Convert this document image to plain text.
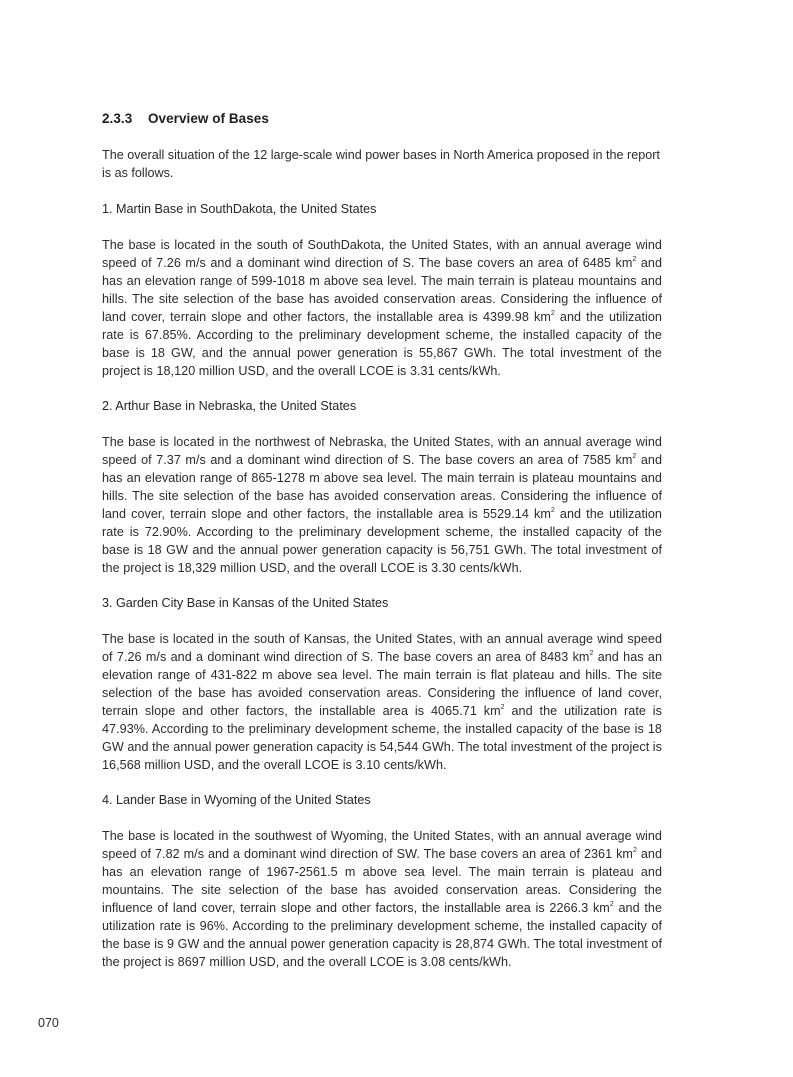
2.3.3 Overview of Bases

The overall situation of the 12 large-scale wind power bases in North America proposed in the report is as follows.

1. Martin Base in SouthDakota, the United States

The base is located in the south of SouthDakota, the United States, with an annual average wind speed of 7.26 m/s and a dominant wind direction of S. The base covers an area of 6485 $km^2$ and has an elevation range of 599-1018 m above sea level. The main terrain is plateau mountains and hills. The site selection of the base has avoided conservation areas. Considering the influence of land cover, terrain slope and other factors, the installable area is 4399.98 $km^2$ and the utilization rate is 67.85%. According to the preliminary development scheme, the installed capacity of the base is 18 GW, and the annual power generation is 55,867 GWh. The total investment of the project is 18,120 million USD, and the overall LCOE is 3.31 cents/kWh.

2. Arthur Base in Nebraska, the United States

The base is located in the northwest of Nebraska, the United States, with an annual average wind speed of 7.37 m/s and a dominant wind direction of S. The base covers an area of 7585 $km^2$ and has an elevation range of 865-1278 m above sea level. The main terrain is plateau mountains and hills. The site selection of the base has avoided conservation areas. Considering the influence of land cover, terrain slope and other factors, the installable area is 5529.14 $km^2$ and the utilization rate is 72.90%. According to the preliminary development scheme, the installed capacity of the base is 18 GW and the annual power generation capacity is 56,751 GWh. The total investment of the project is 18,329 million USD, and the overall LCOE is 3.30 cents/kWh.

3. Garden City Base in Kansas of the United States

The base is located in the south of Kansas, the United States, with an annual average wind speed of 7.26 m/s and a dominant wind direction of S. The base covers an area of 8483 $km^2$ and has an elevation range of 431-822 m above sea level. The main terrain is flat plateau and hills. The site selection of the base has avoided conservation areas. Considering the influence of land cover, terrain slope and other factors, the installable area is 4065.71 $km^2$ and the utilization rate is 47.93%. According to the preliminary development scheme, the installed capacity of the base is 18 GW and the annual power generation capacity is 54,544 GWh. The total investment of the project is 16,568 million USD, and the overall LCOE is 3.10 cents/kWh.

4. Lander Base in Wyoming of the United States

The base is located in the southwest of Wyoming, the United States, with an annual average wind speed of 7.82 m/s and a dominant wind direction of SW. The base covers an area of 2361 $km^2$ and has an elevation range of 1967-2561.5 m above sea level. The main terrain is plateau and mountains. The site selection of the base has avoided conservation areas. Considering the influence of land cover, terrain slope and other factors, the installable area is 2266.3 $km^2$ and the utilization rate is 96%. According to the preliminary development scheme, the installed capacity of the base is 9 GW and the annual power generation capacity is 28,874 GWh. The total investment of the project is 8697 million USD, and the overall LCOE is 3.08 cents/kWh.

070
